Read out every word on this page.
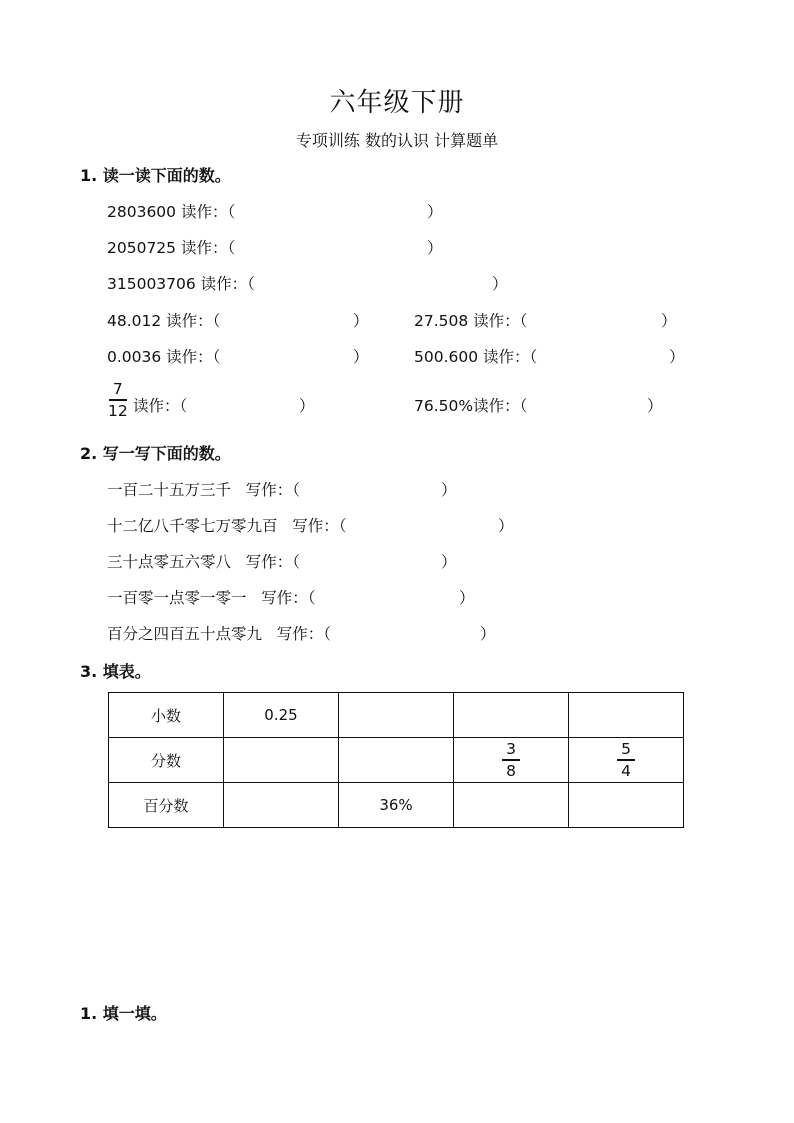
六年级下册
专项训练 数的认识 计算题单
1. 读一读下面的数。
2803600 读作：（	）
2050725 读作：（	）
315003706 读作：（	）
48.012 读作：（	）	27.508 读作：（	）
0.0036 读作：（	）	500.600 读作：（	）
7
12 读作：（	）	76.50%读作：（	）
2. 写一写下面的数。
一百二十五万三千   写作：（	）
十二亿八千零七万零九百   写作：（	）
三十点零五六零八   写作：（	）
一百零一点零一零一   写作：（	）
百分之四百五十点零九   写作：（	）
3. 填表。
小数	0.25			
分数			$\frac{3}{8}$	$\frac{5}{4}$

百分数		36%		
1. 填一填。
